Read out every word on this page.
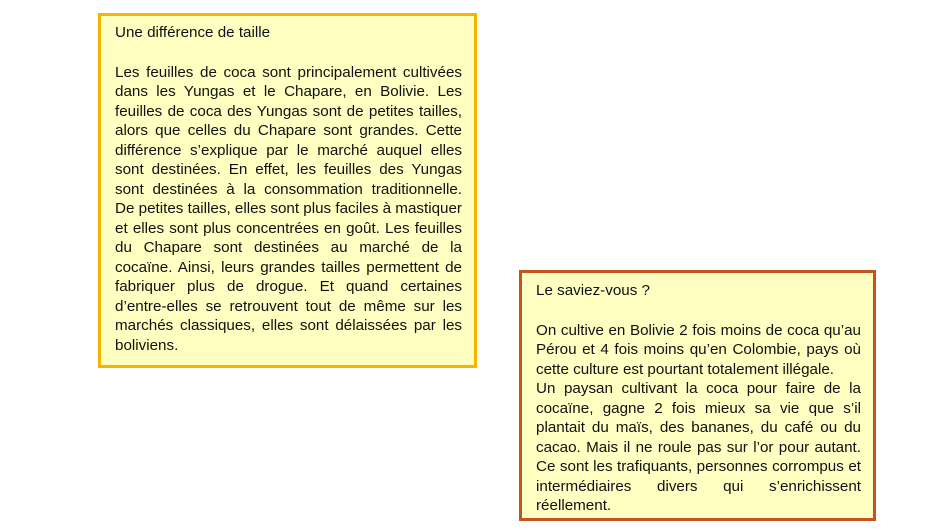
Une différence de taille

Les feuilles de coca sont principalement cultivées dans les Yungas et le Chapare, en Bolivie. Les feuilles de coca des Yungas sont de petites tailles, alors que celles du Chapare sont grandes. Cette différence s’explique par le marché auquel elles sont destinées. En effet, les feuilles des Yungas sont destinées à la consommation traditionnelle. De petites tailles, elles sont plus faciles à mastiquer et elles sont plus concentrées en goût. Les feuilles du Chapare sont destinées au marché de la cocaïne. Ainsi, leurs grandes tailles permettent de fabriquer plus de drogue. Et quand certaines d’entre-elles se retrouvent tout de même sur les marchés classiques, elles sont délaissées par les boliviens.

Le saviez-vous ?

On cultive en Bolivie 2 fois moins de coca qu’au Pérou et 4 fois moins qu’en Colombie, pays où cette culture est pourtant totalement illégale.

Un paysan cultivant la coca pour faire de la cocaïne, gagne 2 fois mieux sa vie que s’il plantait du maïs, des bananes, du café ou du cacao. Mais il ne roule pas sur l’or pour autant. Ce sont les trafiquants, personnes corrompus et intermédiaires divers qui s’enrichissent réellement.
